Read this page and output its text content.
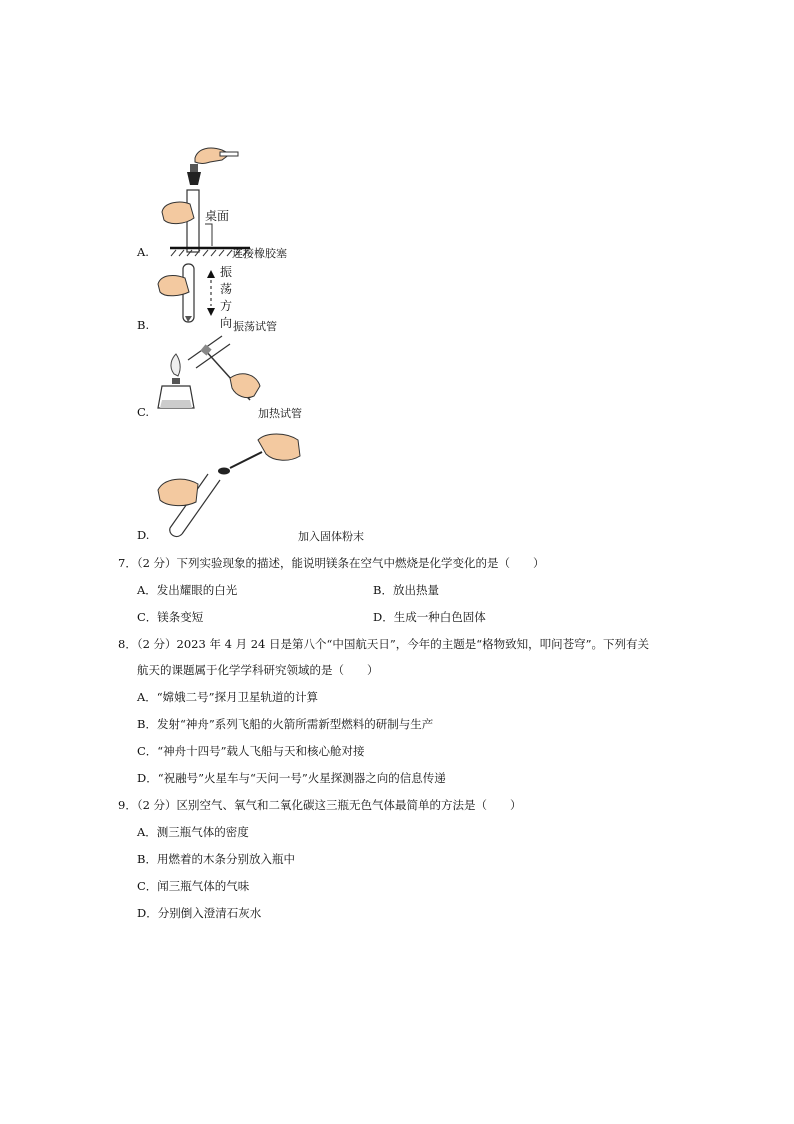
桌面
A.	连接橡胶塞
振
荡
方
向
B.	振荡试管
C.	加热试管
D.	加入固体粉末
7．（2 分）下列实验现象的描述，能说明镁条在空气中燃烧是化学变化的是（　　）
A．发出耀眼的白光	B．放出热量
C．镁条变短	D．生成一种白色固体
8．（2 分）2023 年 4 月 24 日是第八个“中国航天日”，今年的主题是“格物致知，叩问苍穹”。下列有关
航天的课题属于化学学科研究领域的是（　　）
A．“嫦娥二号”探月卫星轨道的计算
B．发射“神舟”系列飞船的火箭所需新型燃料的研制与生产
C．“神舟十四号”载人飞船与天和核心舱对接
D．“祝融号”火星车与“天问一号”火星探测器之向的信息传递
9．（2 分）区别空气、氧气和二氧化碳这三瓶无色气体最简单的方法是（　　）
A．测三瓶气体的密度
B．用燃着的木条分别放入瓶中
C．闻三瓶气体的气味
D．分别倒入澄清石灰水
